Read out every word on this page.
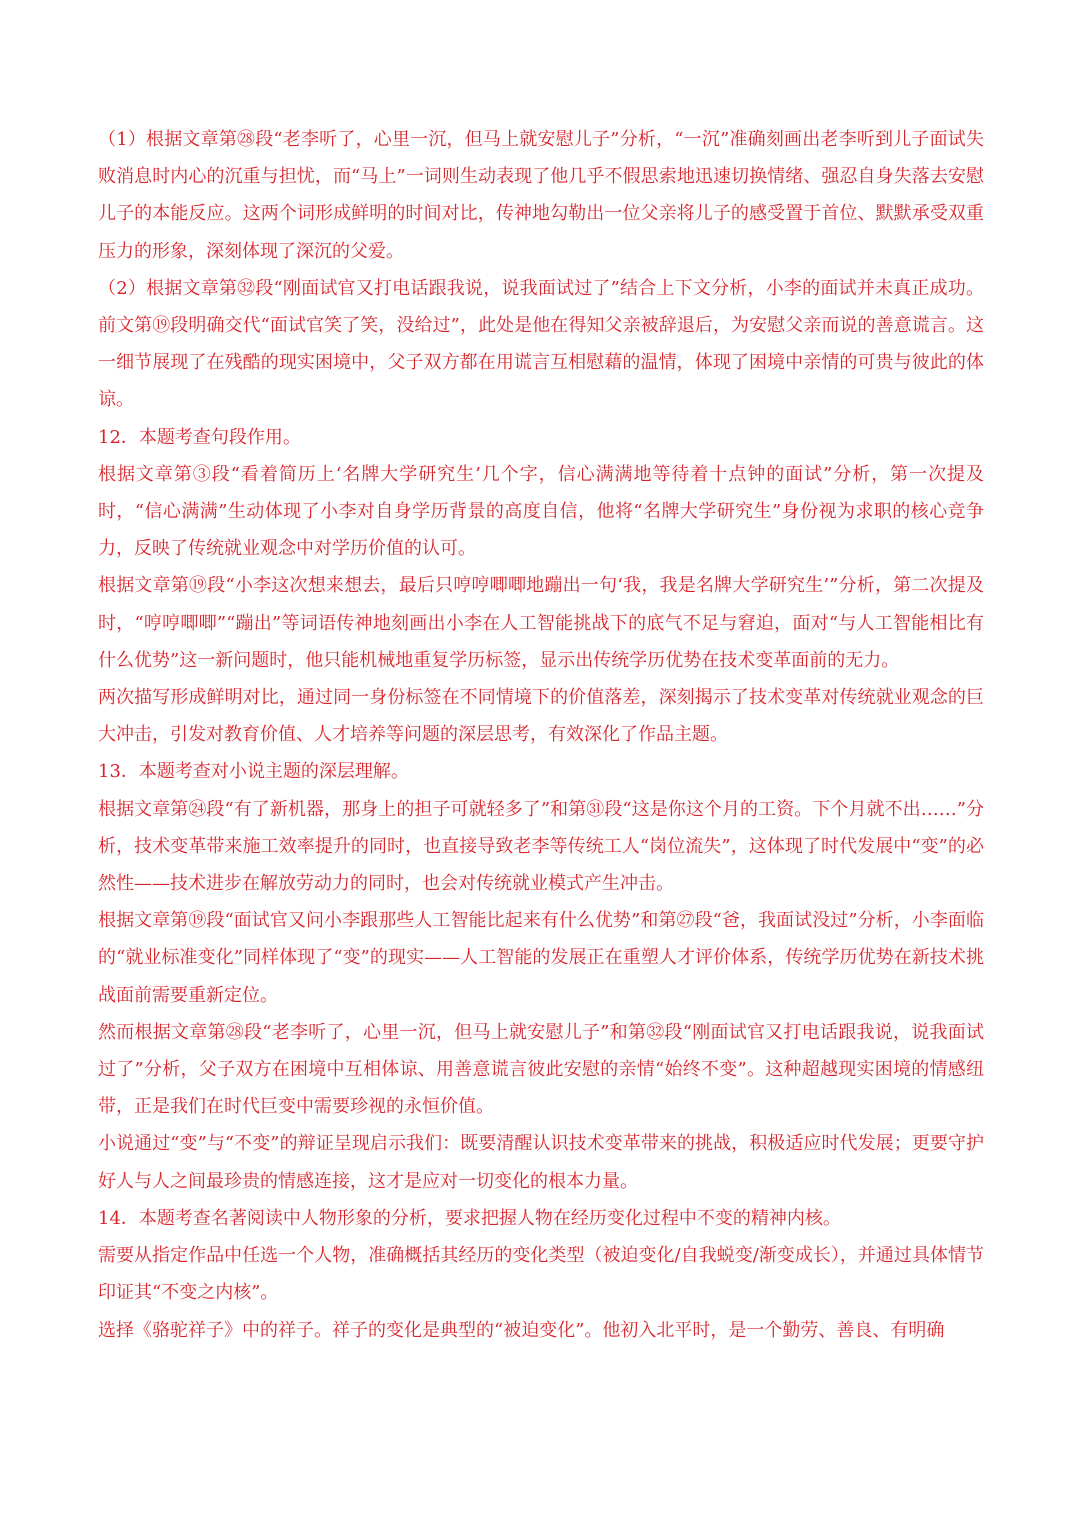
（1）根据文章第㉘段“老李听了，心里一沉，但马上就安慰儿子”分析，“一沉”准确刻画出老李听到儿子面试失败消息时内心的沉重与担忧，而“马上”一词则生动表现了他几乎不假思索地迅速切换情绪、强忍自身失落去安慰儿子的本能反应。这两个词形成鲜明的时间对比，传神地勾勒出一位父亲将儿子的感受置于首位、默默承受双重压力的形象，深刻体现了深沉的父爱。

（2）根据文章第㉜段“刚面试官又打电话跟我说，说我面试过了”结合上下文分析，小李的面试并未真正成功。前文第⑲段明确交代“面试官笑了笑，没给过”，此处是他在得知父亲被辞退后，为安慰父亲而说的善意谎言。这一细节展现了在残酷的现实困境中，父子双方都在用谎言互相慰藉的温情，体现了困境中亲情的可贵与彼此的体谅。

12．本题考查句段作用。

根据文章第③段“看着简历上‘名牌大学研究生’几个字，信心满满地等待着十点钟的面试”分析，第一次提及时，“信心满满”生动体现了小李对自身学历背景的高度自信，他将“名牌大学研究生”身份视为求职的核心竞争力，反映了传统就业观念中对学历价值的认可。

根据文章第⑲段“小李这次想来想去，最后只哼哼唧唧地蹦出一句‘我，我是名牌大学研究生’”分析，第二次提及时，“哼哼唧唧”“蹦出”等词语传神地刻画出小李在人工智能挑战下的底气不足与窘迫，面对“与人工智能相比有什么优势”这一新问题时，他只能机械地重复学历标签，显示出传统学历优势在技术变革面前的无力。

两次描写形成鲜明对比，通过同一身份标签在不同情境下的价值落差，深刻揭示了技术变革对传统就业观念的巨大冲击，引发对教育价值、人才培养等问题的深层思考，有效深化了作品主题。

13．本题考查对小说主题的深层理解。

根据文章第㉔段“有了新机器，那身上的担子可就轻多了”和第㉛段“这是你这个月的工资。下个月就不出……”分析，技术变革带来施工效率提升的同时，也直接导致老李等传统工人“岗位流失”，这体现了时代发展中“变”的必然性——技术进步在解放劳动力的同时，也会对传统就业模式产生冲击。

根据文章第⑲段“面试官又问小李跟那些人工智能比起来有什么优势”和第㉗段“爸，我面试没过”分析，小李面临的“就业标准变化”同样体现了“变”的现实——人工智能的发展正在重塑人才评价体系，传统学历优势在新技术挑战面前需要重新定位。

然而根据文章第㉘段“老李听了，心里一沉，但马上就安慰儿子”和第㉜段“刚面试官又打电话跟我说，说我面试过了”分析，父子双方在困境中互相体谅、用善意谎言彼此安慰的亲情“始终不变”。这种超越现实困境的情感纽带，正是我们在时代巨变中需要珍视的永恒价值。

小说通过“变”与“不变”的辩证呈现启示我们：既要清醒认识技术变革带来的挑战，积极适应时代发展；更要守护好人与人之间最珍贵的情感连接，这才是应对一切变化的根本力量。

14．本题考查名著阅读中人物形象的分析，要求把握人物在经历变化过程中不变的精神内核。

需要从指定作品中任选一个人物，准确概括其经历的变化类型（被迫变化/自我蜕变/渐变成长），并通过具体情节印证其“不变之内核”。

选择《骆驼祥子》中的祥子。祥子的变化是典型的“被迫变化”。他初入北平时，是一个勤劳、善良、有明确
